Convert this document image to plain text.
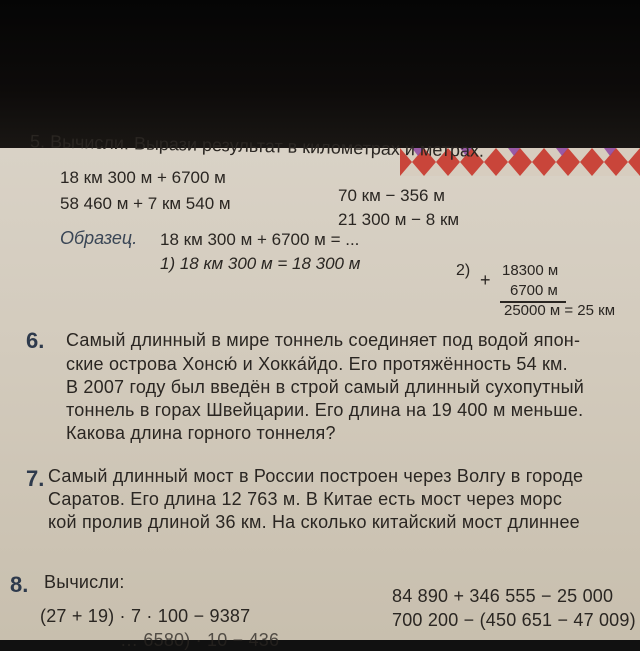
5. Вычисли. Вырази результат в километрах и метрах.
18 км 300 м + 6700 м
58 460 м + 7 км 540 м	70 км − 356 м
21 300 м − 8 км
Образец. 18 км 300 м + 6700 м = ...
1) 18 км 300 м = 18 300 м	2) + 18300 м
6700 м
25000 м = 25 км
6. Самый длинный в мире тоннель соединяет под водой япон-
ские острова Хонсю́ и Хокка́йдо. Его протяжённость 54 км.
В 2007 году был введён в строй самый длинный сухопутный
тоннель в горах Швейцарии. Его длина на 19 400 м меньше.
Какова длина горного тоннеля?
7. Самый длинный мост в России построен через Волгу в городе
Саратов. Его длина 12 763 м. В Китае есть мост через морс
кой пролив длиной 36 км. На сколько китайский мост длиннее
8. Вычисли:
(27 + 19) · 7 · 100 − 9387
… 6580) · 10 − 436
84 890 + 346 555 − 25 000
700 200 − (450 651 − 47 009)
